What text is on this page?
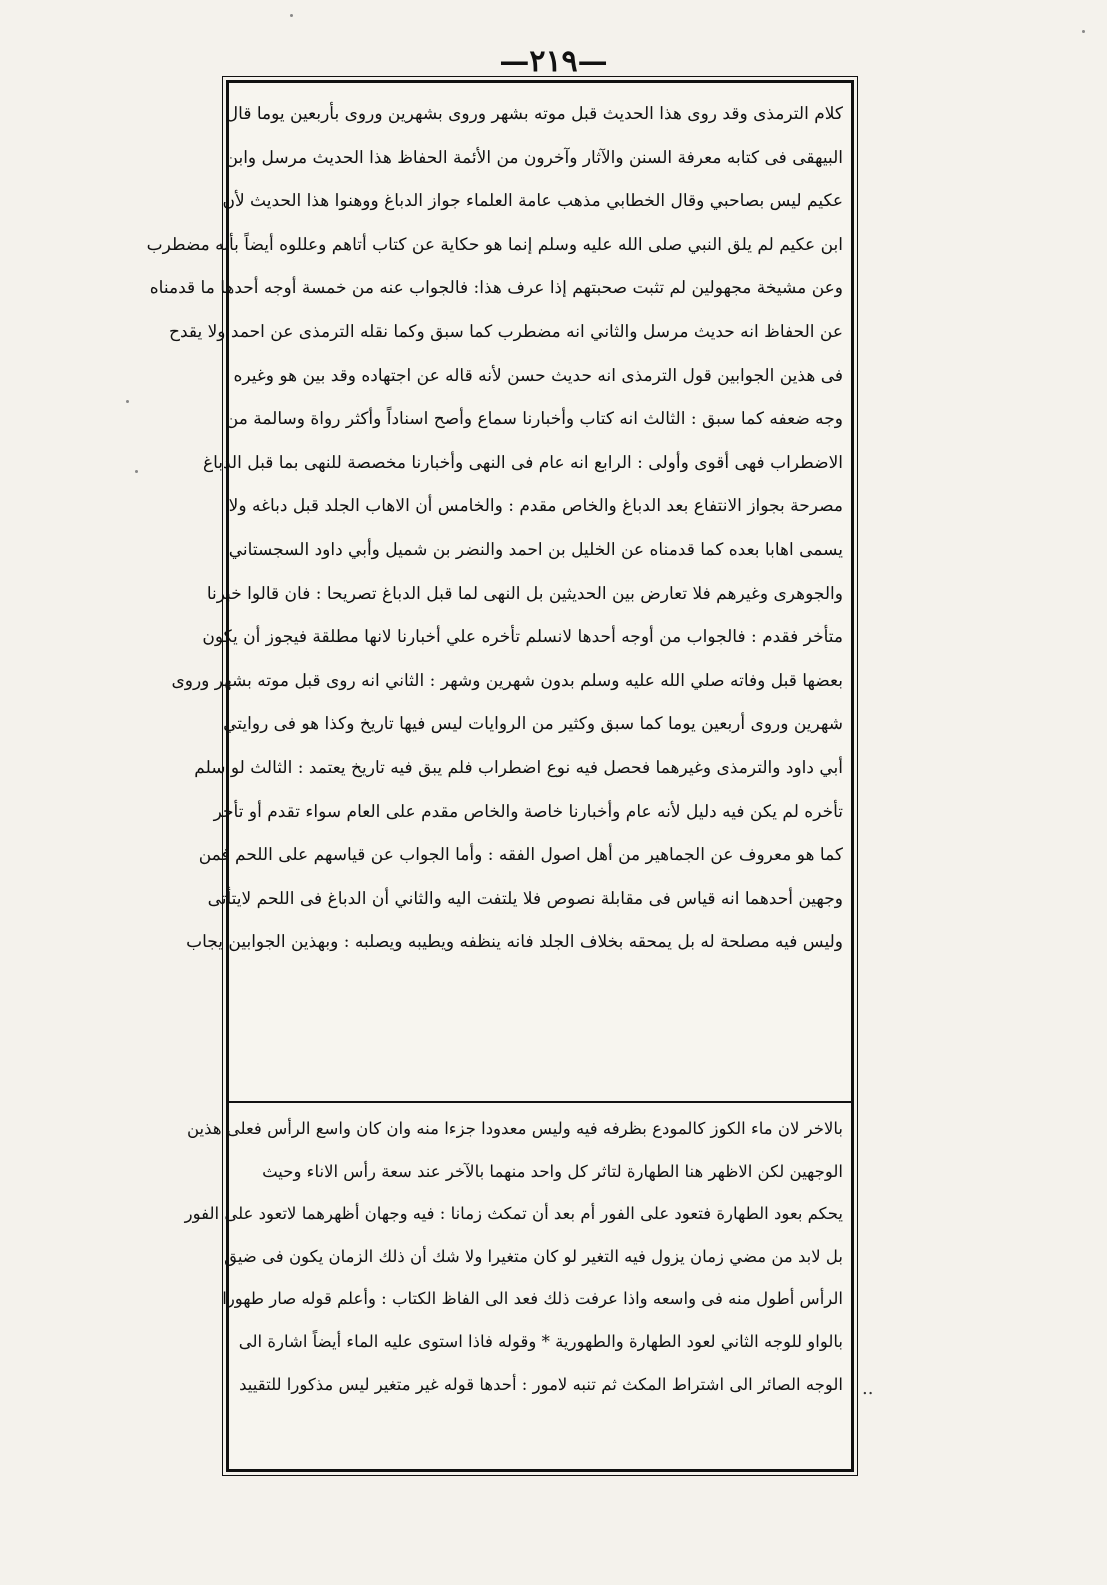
—٢١٩—
كلام الترمذى وقد روى هذا الحديث قبل موته بشهر وروى بشهرين وروى بأربعين يوما قال
البيهقى فى كتابه معرفة السنن والآثار وآخرون من الأئمة الحفاظ هذا الحديث مرسل وابن
عكيم ليس بصاحبي وقال الخطابي مذهب عامة العلماء جواز الدباغ ووهنوا هذا الحديث لأن
ابن عكيم لم يلق النبي صلى الله عليه وسلم إنما هو حكاية عن كتاب أتاهم وعللوه أيضاً بأنه مضطرب
وعن مشيخة مجهولين لم تثبت صحبتهم إذا عرف هذا: فالجواب عنه من خمسة أوجه أحدها ما قدمناه
عن الحفاظ انه حديث مرسل والثاني انه مضطرب كما سبق وكما نقله الترمذى عن احمد ولا يقدح
فى هذين الجوابين قول الترمذى انه حديث حسن لأنه قاله عن اجتهاده وقد بين هو وغيره
وجه ضعفه كما سبق : الثالث انه كتاب وأخبارنا سماع وأصح اسناداً وأكثر رواة وسالمة من
الاضطراب فهى أقوى وأولى : الرابع انه عام فى النهى وأخبارنا مخصصة للنهى بما قبل الدباغ
مصرحة بجواز الانتفاع بعد الدباغ والخاص مقدم : والخامس أن الاهاب الجلد قبل دباغه ولا
يسمى اهابا بعده كما قدمناه عن الخليل بن احمد والنضر بن شميل وأبي داود السجستاني
والجوهرى وغيرهم فلا تعارض بين الحديثين بل النهى لما قبل الدباغ تصريحا : فان قالوا خبرنا
متأخر فقدم : فالجواب من أوجه أحدها لانسلم تأخره علي أخبارنا لانها مطلقة فيجوز أن يكون
بعضها قبل وفاته صلي الله عليه وسلم بدون شهرين وشهر : الثاني انه روى قبل موته بشهر وروى
شهرين وروى أربعين يوما كما سبق وكثير من الروايات ليس فيها تاريخ وكذا هو فى روايتي
أبي داود والترمذى وغيرهما فحصل فيه نوع اضطراب فلم يبق فيه تاريخ يعتمد : الثالث لو سلم
تأخره لم يكن فيه دليل لأنه عام وأخبارنا خاصة والخاص مقدم على العام سواء تقدم أو تأخر
كما هو معروف عن الجماهير من أهل اصول الفقه : وأما الجواب عن قياسهم على اللحم فمن
وجهين أحدهما انه قياس فى مقابلة نصوص فلا يلتفت اليه والثاني أن الدباغ فى اللحم لايتأتى
وليس فيه مصلحة له بل يمحقه بخلاف الجلد فانه ينظفه ويطيبه ويصلبه : وبهذين الجوابين يجاب
بالاخر لان ماء الكوز كالمودع بظرفه فيه وليس معدودا جزءا منه وان كان واسع الرأس فعلى هذين
الوجهين لكن الاظهر هنا الطهارة لتاثر كل واحد منهما بالآخر عند سعة رأس الاناء وحيث
يحكم بعود الطهارة فتعود على الفور أم بعد أن تمكث زمانا : فيه وجهان أظهرهما لاتعود على الفور
بل لابد من مضي زمان يزول فيه التغير لو كان متغيرا ولا شك أن ذلك الزمان يكون فى ضيق
الرأس أطول منه فى واسعه واذا عرفت ذلك فعد الى الفاظ الكتاب : وأعلم قوله صار طهورا
بالواو للوجه الثاني لعود الطهارة والطهورية * وقوله فاذا استوى عليه الماء أيضاً اشارة الى
الوجه الصائر الى اشتراط المكث ثم تنبه لامور : أحدها قوله غير متغير ليس مذكورا للتقييد ..
